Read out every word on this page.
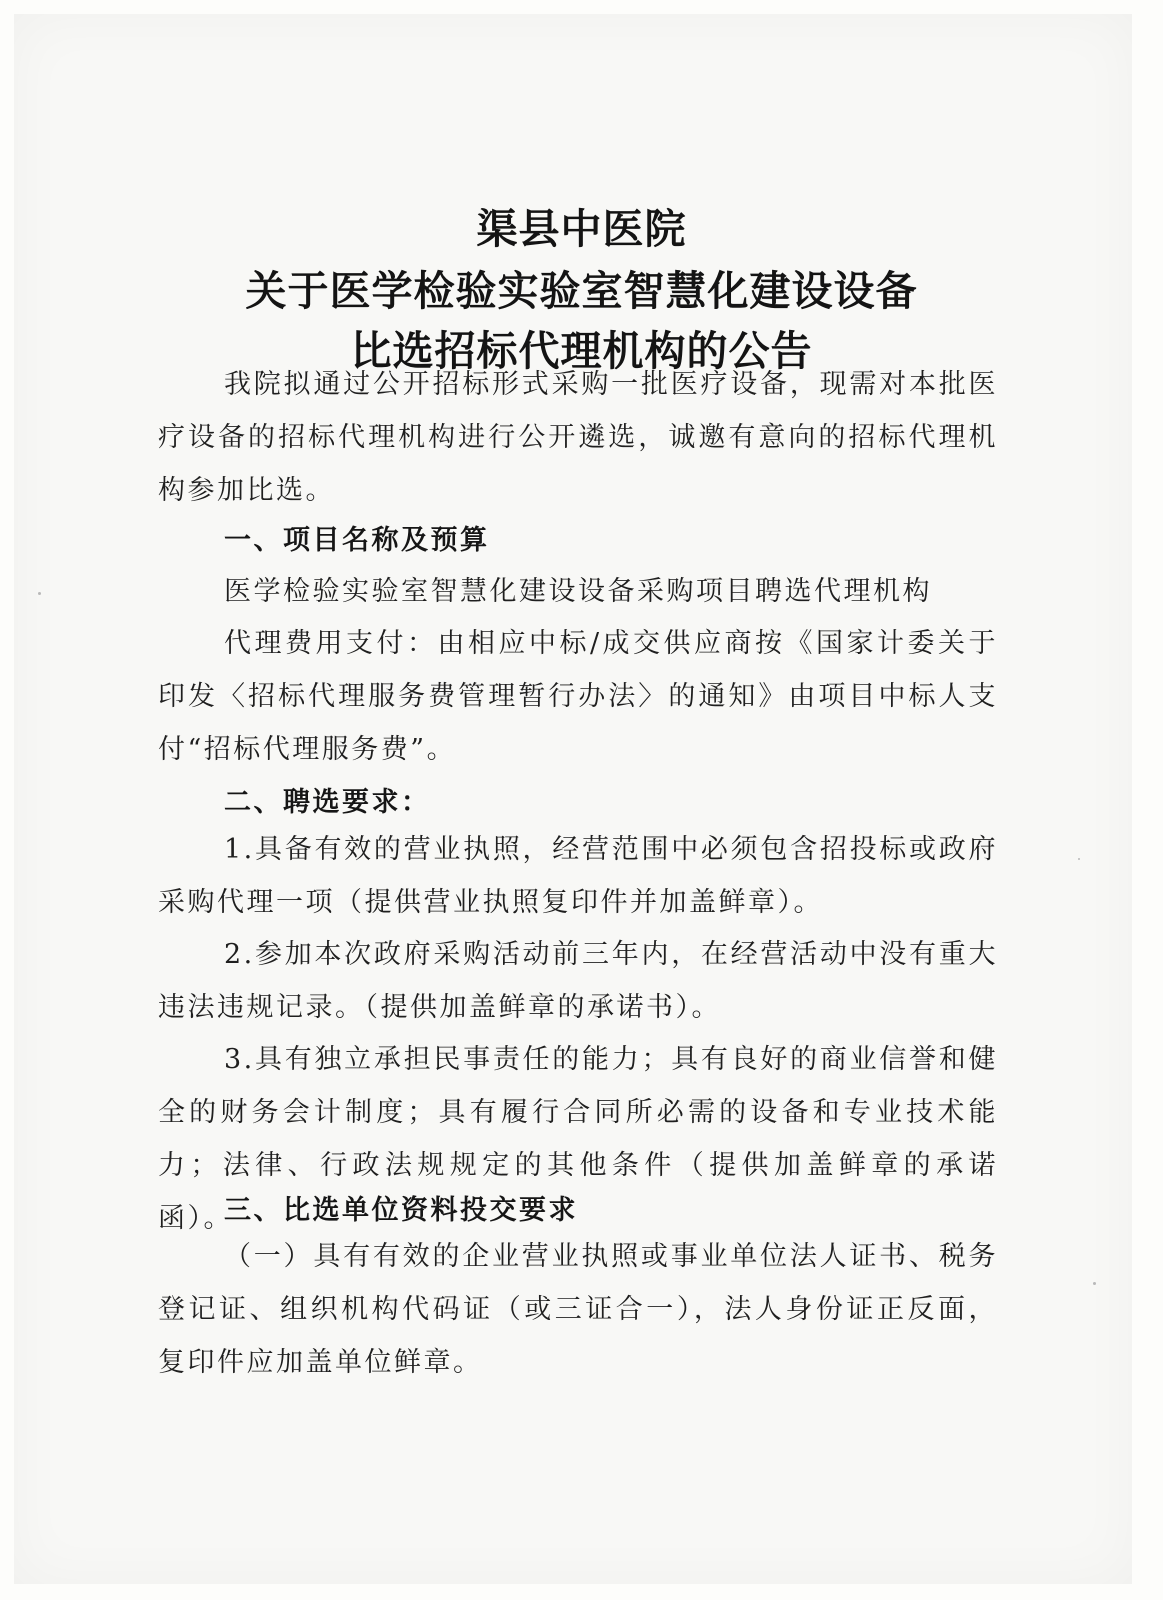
渠县中医院
关于医学检验实验室智慧化建设设备
比选招标代理机构的公告

我院拟通过公开招标形式采购一批医疗设备，现需对本批医疗设备的招标代理机构进行公开遴选，诚邀有意向的招标代理机构参加比选。

一、项目名称及预算

医学检验实验室智慧化建设设备采购项目聘选代理机构

代理费用支付：由相应中标/成交供应商按《国家计委关于印发〈招标代理服务费管理暂行办法〉的通知》由项目中标人支付“招标代理服务费”。

二、聘选要求：

1.具备有效的营业执照，经营范围中必须包含招投标或政府采购代理一项（提供营业执照复印件并加盖鲜章）。

2.参加本次政府采购活动前三年内，在经营活动中没有重大违法违规记录。（提供加盖鲜章的承诺书）。

3.具有独立承担民事责任的能力；具有良好的商业信誉和健全的财务会计制度；具有履行合同所必需的设备和专业技术能力；法律、行政法规规定的其他条件（提供加盖鲜章的承诺函）。

三、比选单位资料投交要求

（一）具有有效的企业营业执照或事业单位法人证书、税务登记证、组织机构代码证（或三证合一），法人身份证正反面，复印件应加盖单位鲜章。
